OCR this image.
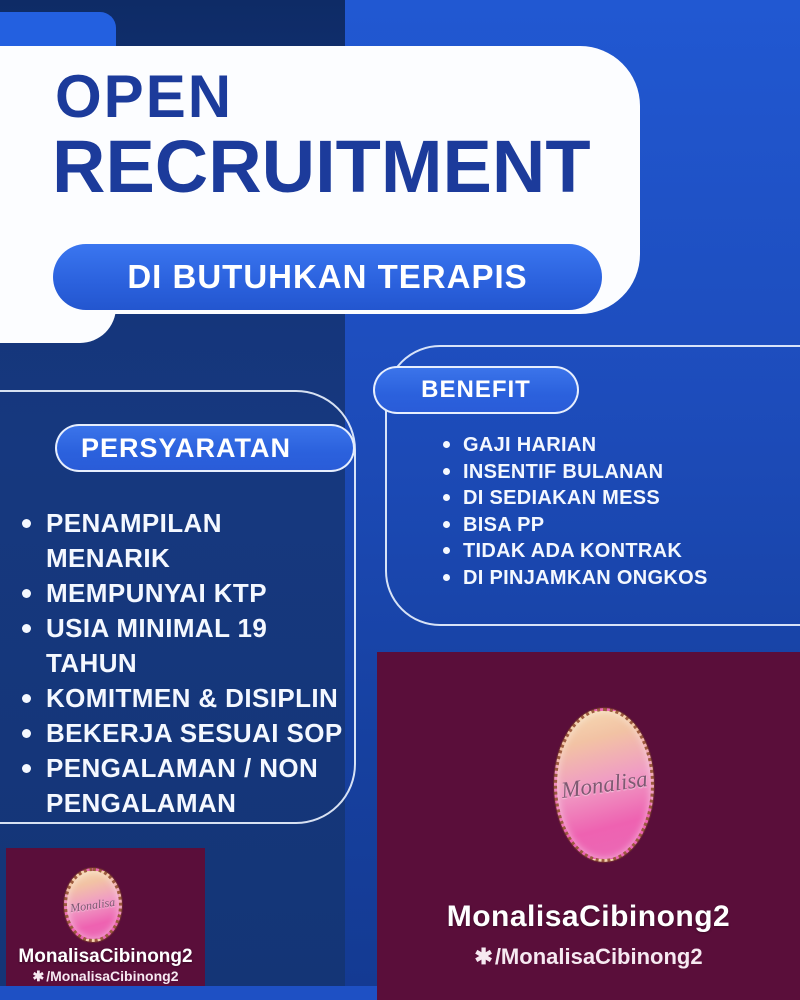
OPEN
RECRUITMENT
DI BUTUHKAN TERAPIS
PERSYARATAN
PENAMPILAN MENARIK
MEMPUNYAI KTP
USIA MINIMAL 19 TAHUN
KOMITMEN & DISIPLIN
BEKERJA SESUAI SOP
PENGALAMAN / NON PENGALAMAN
BENEFIT
GAJI HARIAN
INSENTIF BULANAN
DI SEDIAKAN MESS
BISA PP
TIDAK ADA KONTRAK
DI PINJAMKAN ONGKOS
Monalisa
MonalisaCibinong2
✱/MonalisaCibinong2
Monalisa
MonalisaCibinong2
✱ /MonalisaCibinong2
